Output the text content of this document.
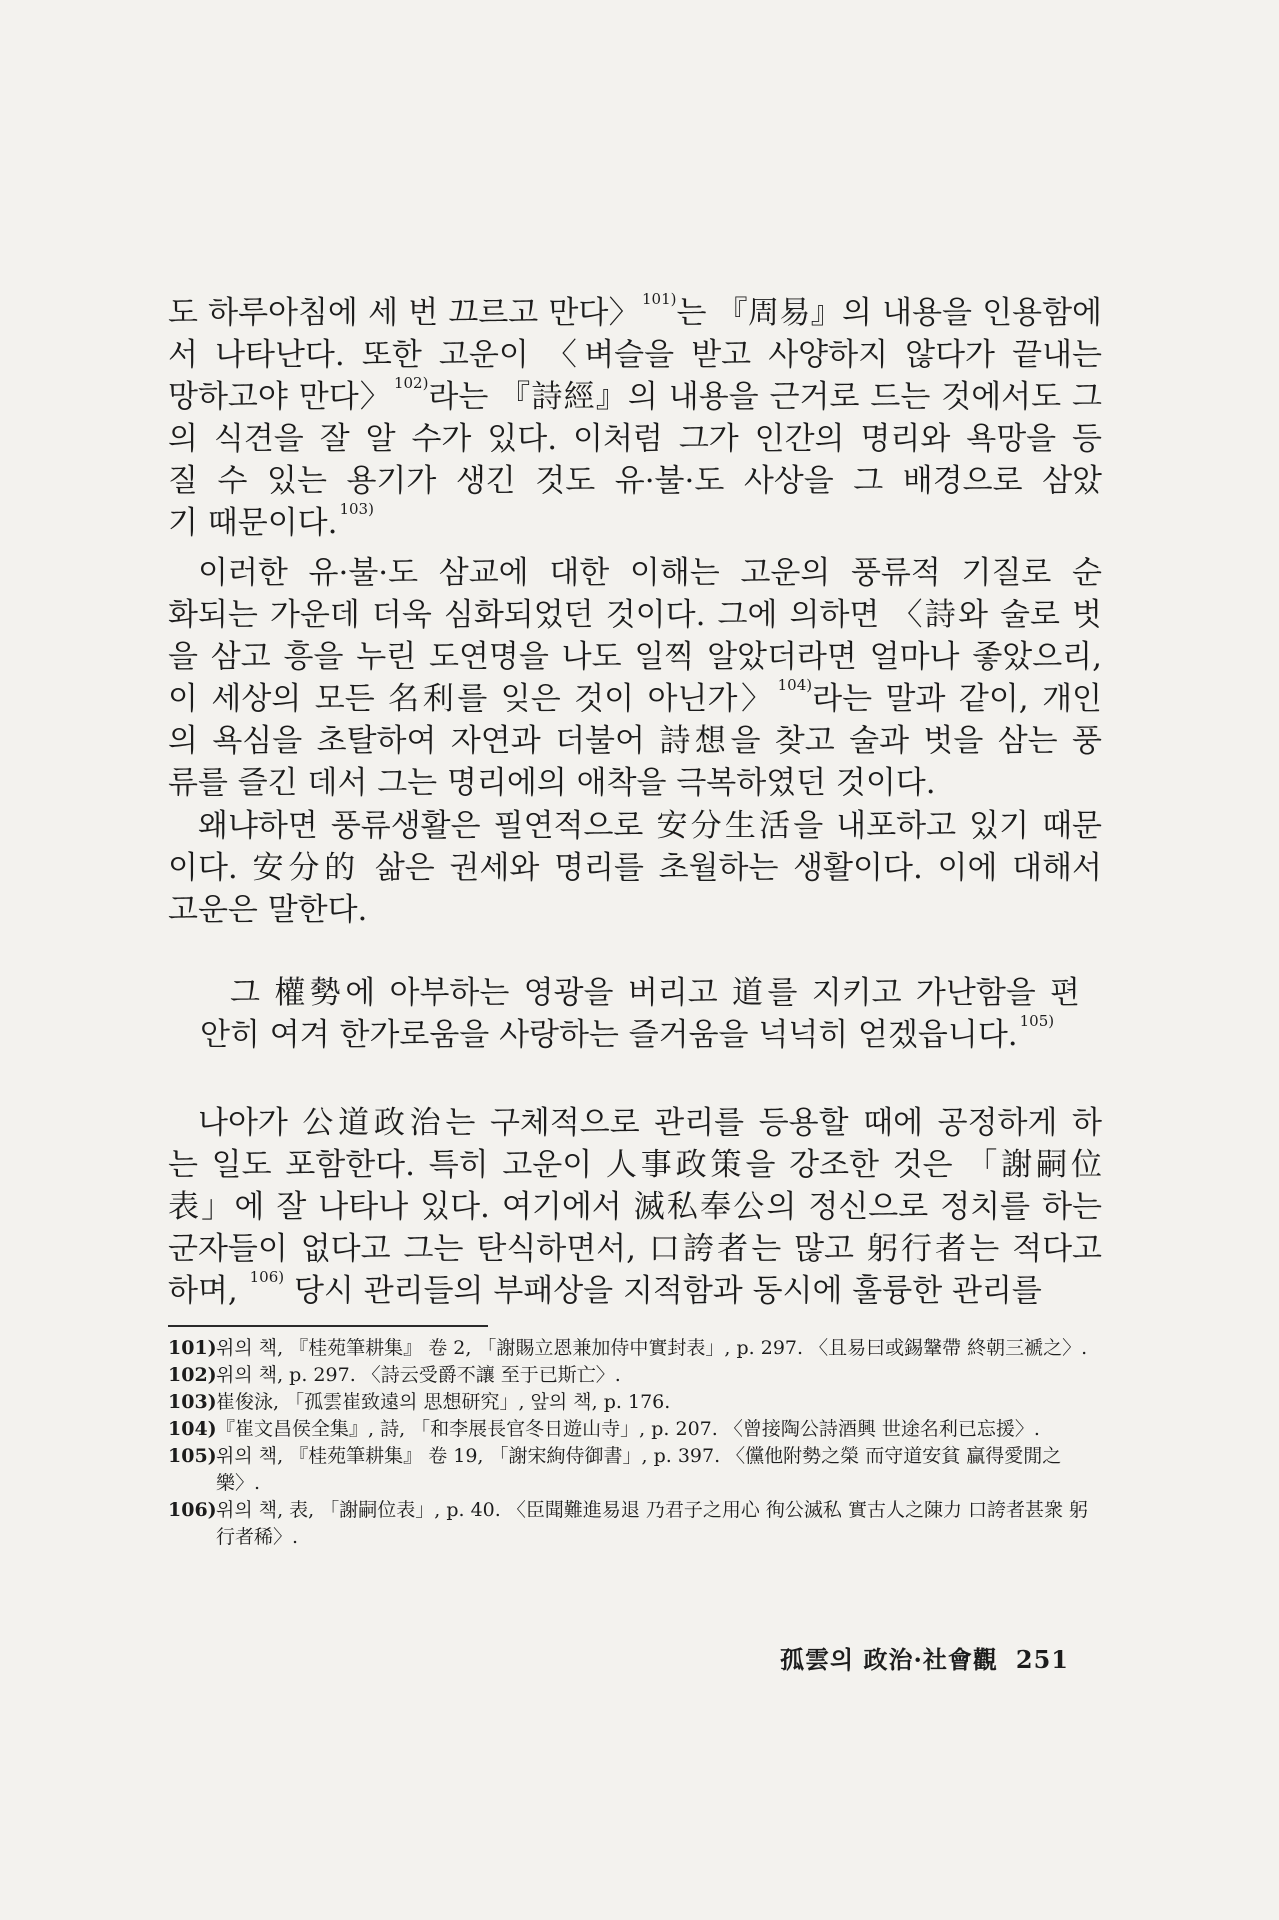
도 하루아침에 세 번 끄르고 만다〉 $^{101)}$는 『周易』의 내용을 인용함에
서 나타난다. 또한 고운이 〈벼슬을 받고 사양하지 않다가 끝내는
망하고야 만다〉 $^{102)}$라는 『詩經』의 내용을 근거로 드는 것에서도 그
의 식견을 잘 알 수가 있다. 이처럼 그가 인간의 명리와 욕망을 등
질 수 있는 용기가 생긴 것도 유·불·도 사상을 그 배경으로 삼았
기 때문이다. $^{103)}$
이러한 유·불·도 삼교에 대한 이해는 고운의 풍류적 기질로 순
화되는 가운데 더욱 심화되었던 것이다. 그에 의하면 〈詩와 술로 벗
을 삼고 흥을 누린 도연명을 나도 일찍 알았더라면 얼마나 좋았으리,
이 세상의 모든 名利를 잊은 것이 아닌가〉 $^{104)}$라는 말과 같이, 개인
의 욕심을 초탈하여 자연과 더불어 詩想을 찾고 술과 벗을 삼는 풍
류를 즐긴 데서 그는 명리에의 애착을 극복하였던 것이다.
왜냐하면 풍류생활은 필연적으로 安分生活을 내포하고 있기 때문
이다. 安分的 삶은 권세와 명리를 초월하는 생활이다. 이에 대해서
고운은 말한다.
그 權勢에 아부하는 영광을 버리고 道를 지키고 가난함을 편
안히 여겨 한가로움을 사랑하는 즐거움을 넉넉히 얻겠읍니다. $^{105)}$
나아가 公道政治는 구체적으로 관리를 등용할 때에 공정하게 하
는 일도 포함한다. 특히 고운이 人事政策을 강조한 것은 「謝嗣位
表」에 잘 나타나 있다. 여기에서 滅私奉公의 정신으로 정치를 하는
군자들이 없다고 그는 탄식하면서, 口誇者는 많고 躬行者는 적다고
하며, $^{106)}$ 당시 관리들의 부패상을 지적함과 동시에 훌륭한 관리를
101) 위의 책, 『桂苑筆耕集』 卷 2, 「謝賜立恩兼加侍中實封表」, p. 297. 〈且易曰或錫鞶帶 終朝三褫之〉.
102) 위의 책, p. 297. 〈詩云受爵不讓 至于已斯亡〉.
103) 崔俊泳, 「孤雲崔致遠의 思想研究」, 앞의 책, p. 176.
104) 『崔文昌侯全集』, 詩, 「和李展長官冬日遊山寺」, p. 207. 〈曾接陶公詩酒興 世途名利已忘援〉.
105) 위의 책, 『桂苑筆耕集』 卷 19, 「謝宋絢侍御書」, p. 397. 〈儻他附勢之榮 而守道安貧 贏得愛閒之樂〉.
106) 위의 책, 表, 「謝嗣位表」, p. 40. 〈臣聞難進易退 乃君子之用心 徇公滅私 實古人之陳力 口誇者甚衆 躬行者稀〉.
孤雲의 政治·社會觀 251
